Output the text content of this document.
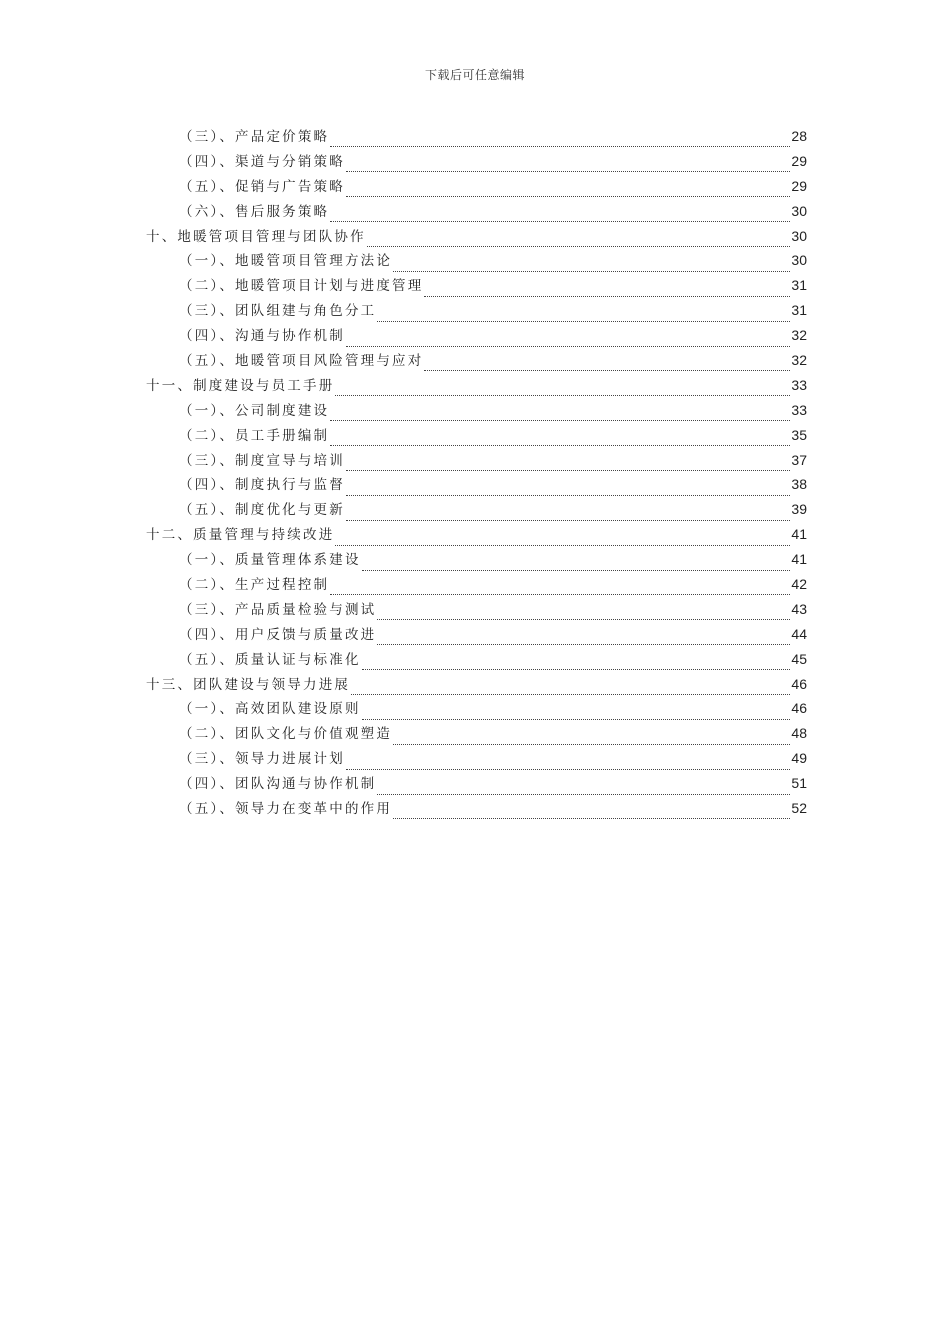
下载后可任意编辑
（三）、产品定价策略	28
（四）、渠道与分销策略	29
（五）、促销与广告策略	29
（六）、售后服务策略	30
十、地暖管项目管理与团队协作	30
（一）、地暖管项目管理方法论	30
（二）、地暖管项目计划与进度管理	31
（三）、团队组建与角色分工	31
（四）、沟通与协作机制	32
（五）、地暖管项目风险管理与应对	32
十一、制度建设与员工手册	33
（一）、公司制度建设	33
（二）、员工手册编制	35
（三）、制度宣导与培训	37
（四）、制度执行与监督	38
（五）、制度优化与更新	39
十二、质量管理与持续改进	41
（一）、质量管理体系建设	41
（二）、生产过程控制	42
（三）、产品质量检验与测试	43
（四）、用户反馈与质量改进	44
（五）、质量认证与标准化	45
十三、团队建设与领导力进展	46
（一）、高效团队建设原则	46
（二）、团队文化与价值观塑造	48
（三）、领导力进展计划	49
（四）、团队沟通与协作机制	51
（五）、领导力在变革中的作用	52
